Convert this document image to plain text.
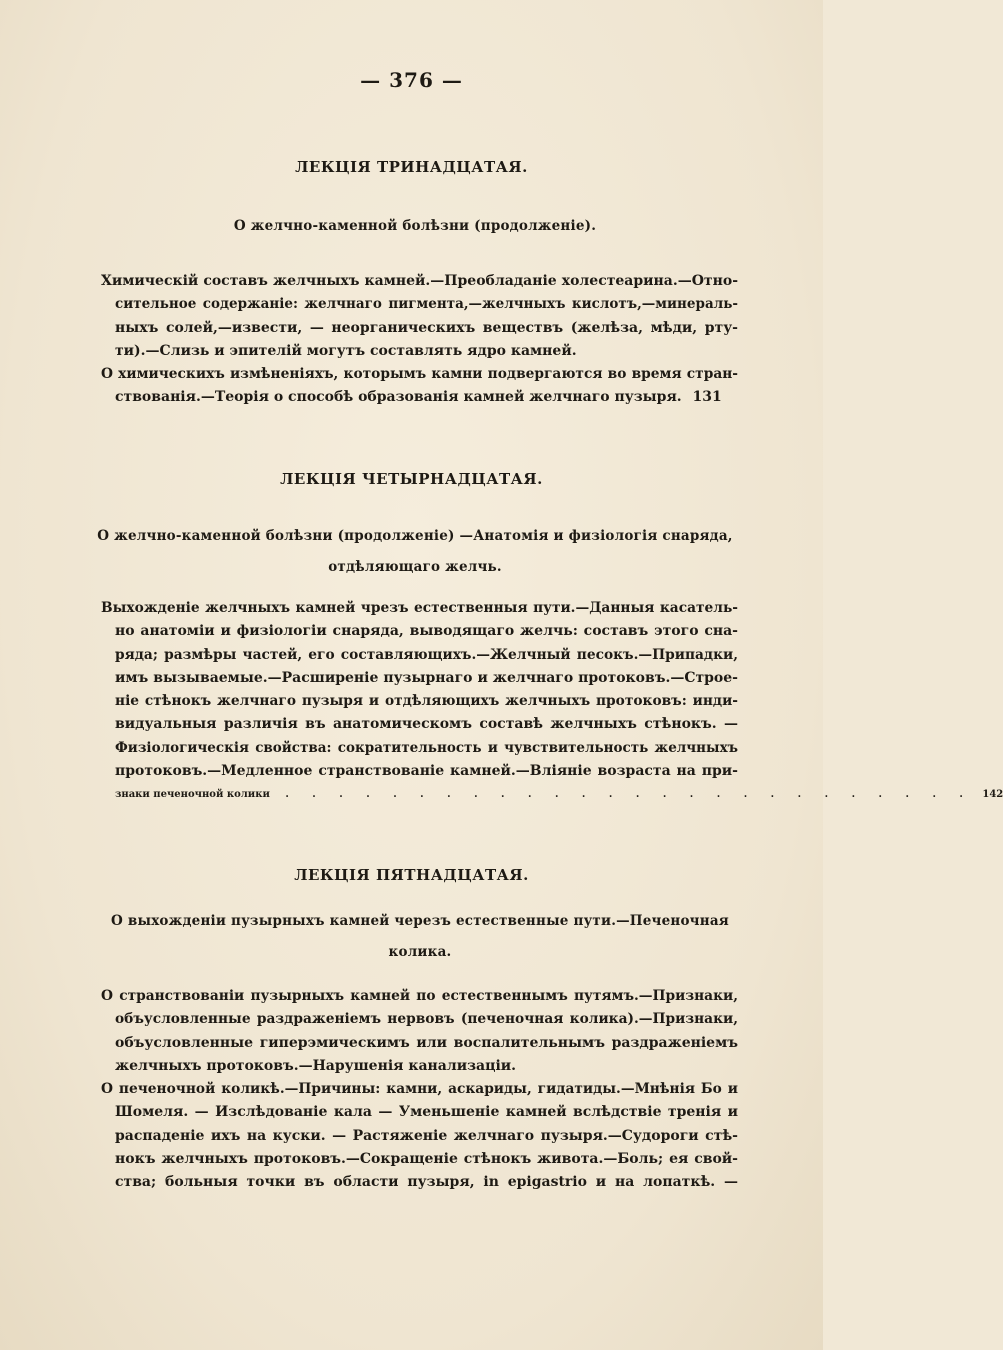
— 376 —
ЛЕКЦІЯ ТРИНАДЦАТАЯ.
О желчно-каменной болѣзни (продолженіе).
Химическій составъ желчныхъ камней.—Преобладаніе холестеарина.—Отно-
сительное содержаніе: желчнаго пигмента,—желчныхъ кислотъ,—минераль-
ныхъ солей,—извести, — неорганическихъ веществъ (желѣза, мѣди, рту-
ти).—Слизь и эпителій могутъ составлять ядро камней.
О химическихъ измѣненіяхъ, которымъ камни подвергаются во время стран-
ствованія.—Теорія о способѣ образованія камней желчнаго пузыря. 131
ЛЕКЦІЯ ЧЕТЫРНАДЦАТАЯ.
О желчно-каменной болѣзни (продолженіе) —Анатомія и физіологія снаряда,
отдѣляющаго желчь.
Выхожденіе желчныхъ камней чрезъ естественныя пути.—Данныя касатель-
но анатоміи и физіологіи снаряда, выводящаго желчь: составъ этого сна-
ряда; размѣры частей, его составляющихъ.—Желчный песокъ.—Припадки,
имъ вызываемые.—Расширеніе пузырнаго и желчнаго протоковъ.—Строе-
ніе стѣнокъ желчнаго пузыря и отдѣляющихъ желчныхъ протоковъ: инди-
видуальныя различія въ анатомическомъ составѣ желчныхъ стѣнокъ. —
Физіологическія свойства: сократительность и чувствительность желчныхъ
протоковъ.—Медленное странствованіе камней.—Вліяніе возраста на при-
знаки печеночной колики . . . . . . . . . . . . . . . . . . . . . . . . . . 142
ЛЕКЦІЯ ПЯТНАДЦАТАЯ.
О выхожденіи пузырныхъ камней черезъ естественные пути.—Печеночная
колика.
О странствованіи пузырныхъ камней по естественнымъ путямъ.—Признаки,
объусловленные раздраженіемъ нервовъ (печеночная колика).—Признаки,
объусловленные гиперэмическимъ или воспалительнымъ раздраженіемъ
желчныхъ протоковъ.—Нарушенія канализаціи.
О печеночной коликѣ.—Причины: камни, аскариды, гидатиды.—Мнѣнія Бо и
Шомеля. — Изслѣдованіе кала — Уменьшеніе камней вслѣдствіе тренія и
распаденіе ихъ на куски. — Растяженіе желчнаго пузыря.—Судороги стѣ-
нокъ желчныхъ протоковъ.—Сокращеніе стѣнокъ живота.—Боль; ея свой-
ства; больныя точки въ области пузыря, in epigastrio и на лопаткѣ. —
